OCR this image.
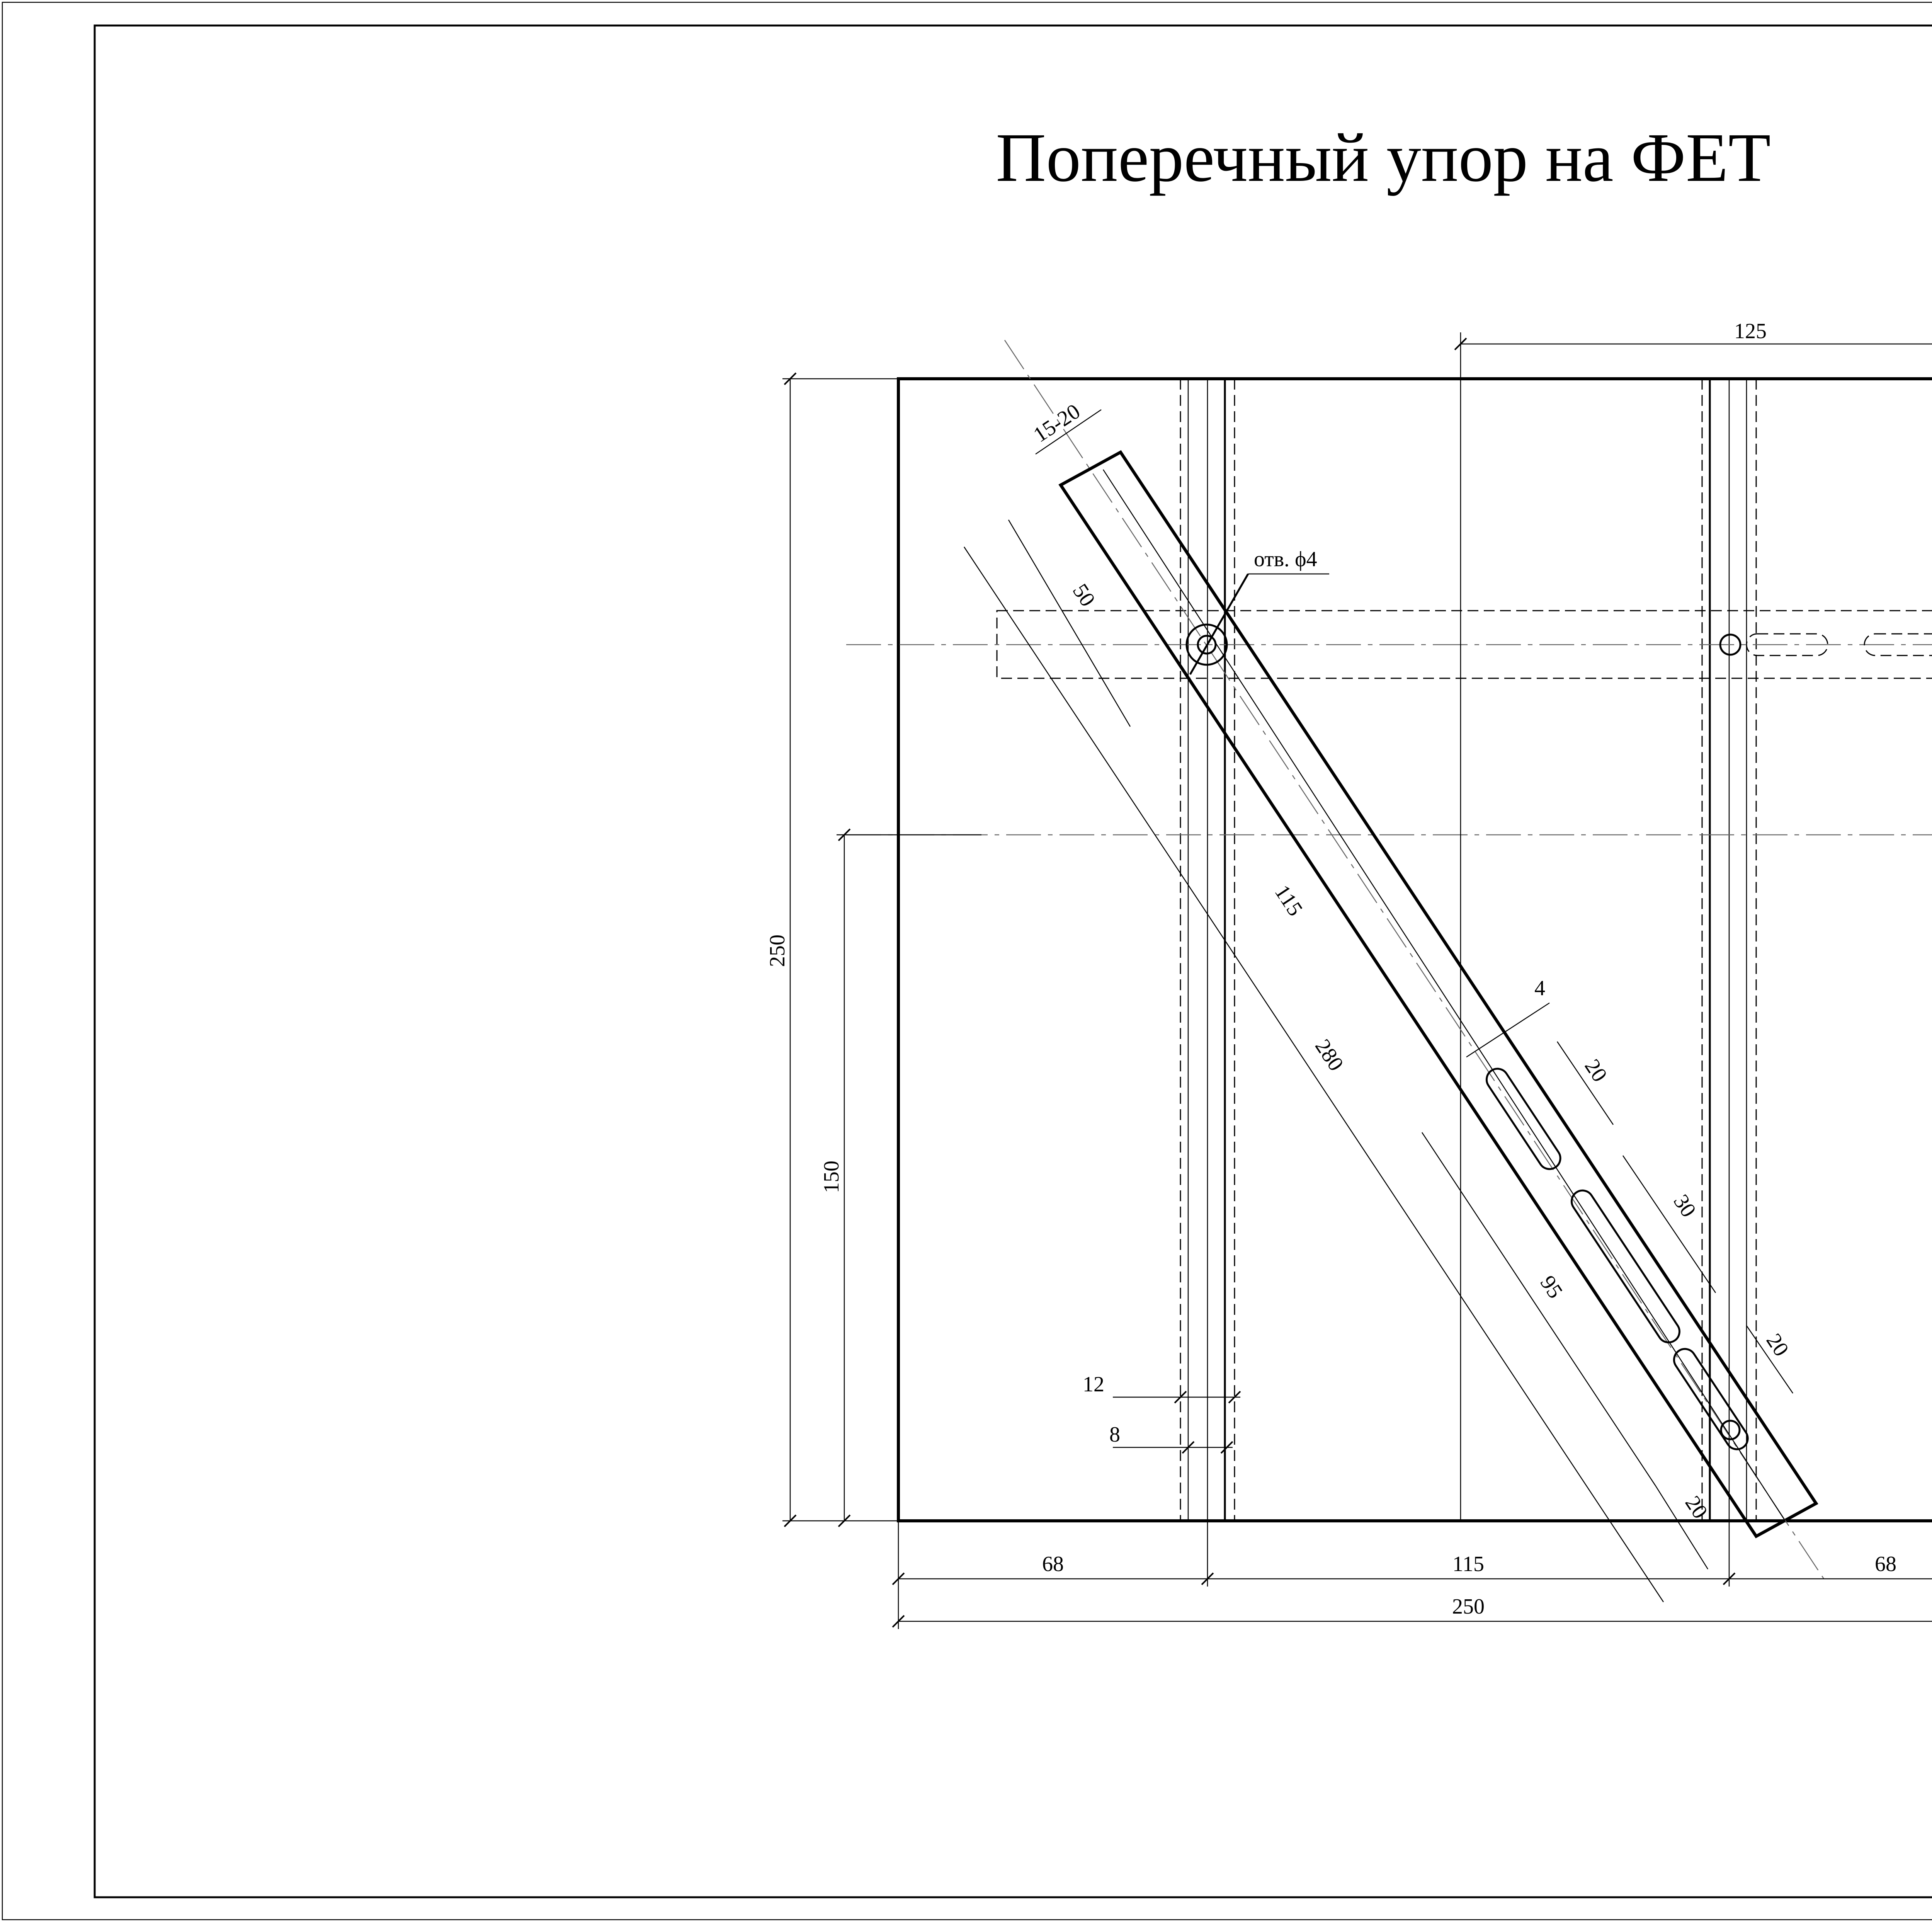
Поперечный упор на ФЕТ
отв. ϕ4
125
250
150
68	115	68
250
12
8
15-20
50
115
280
95
20
4
20
30
20
